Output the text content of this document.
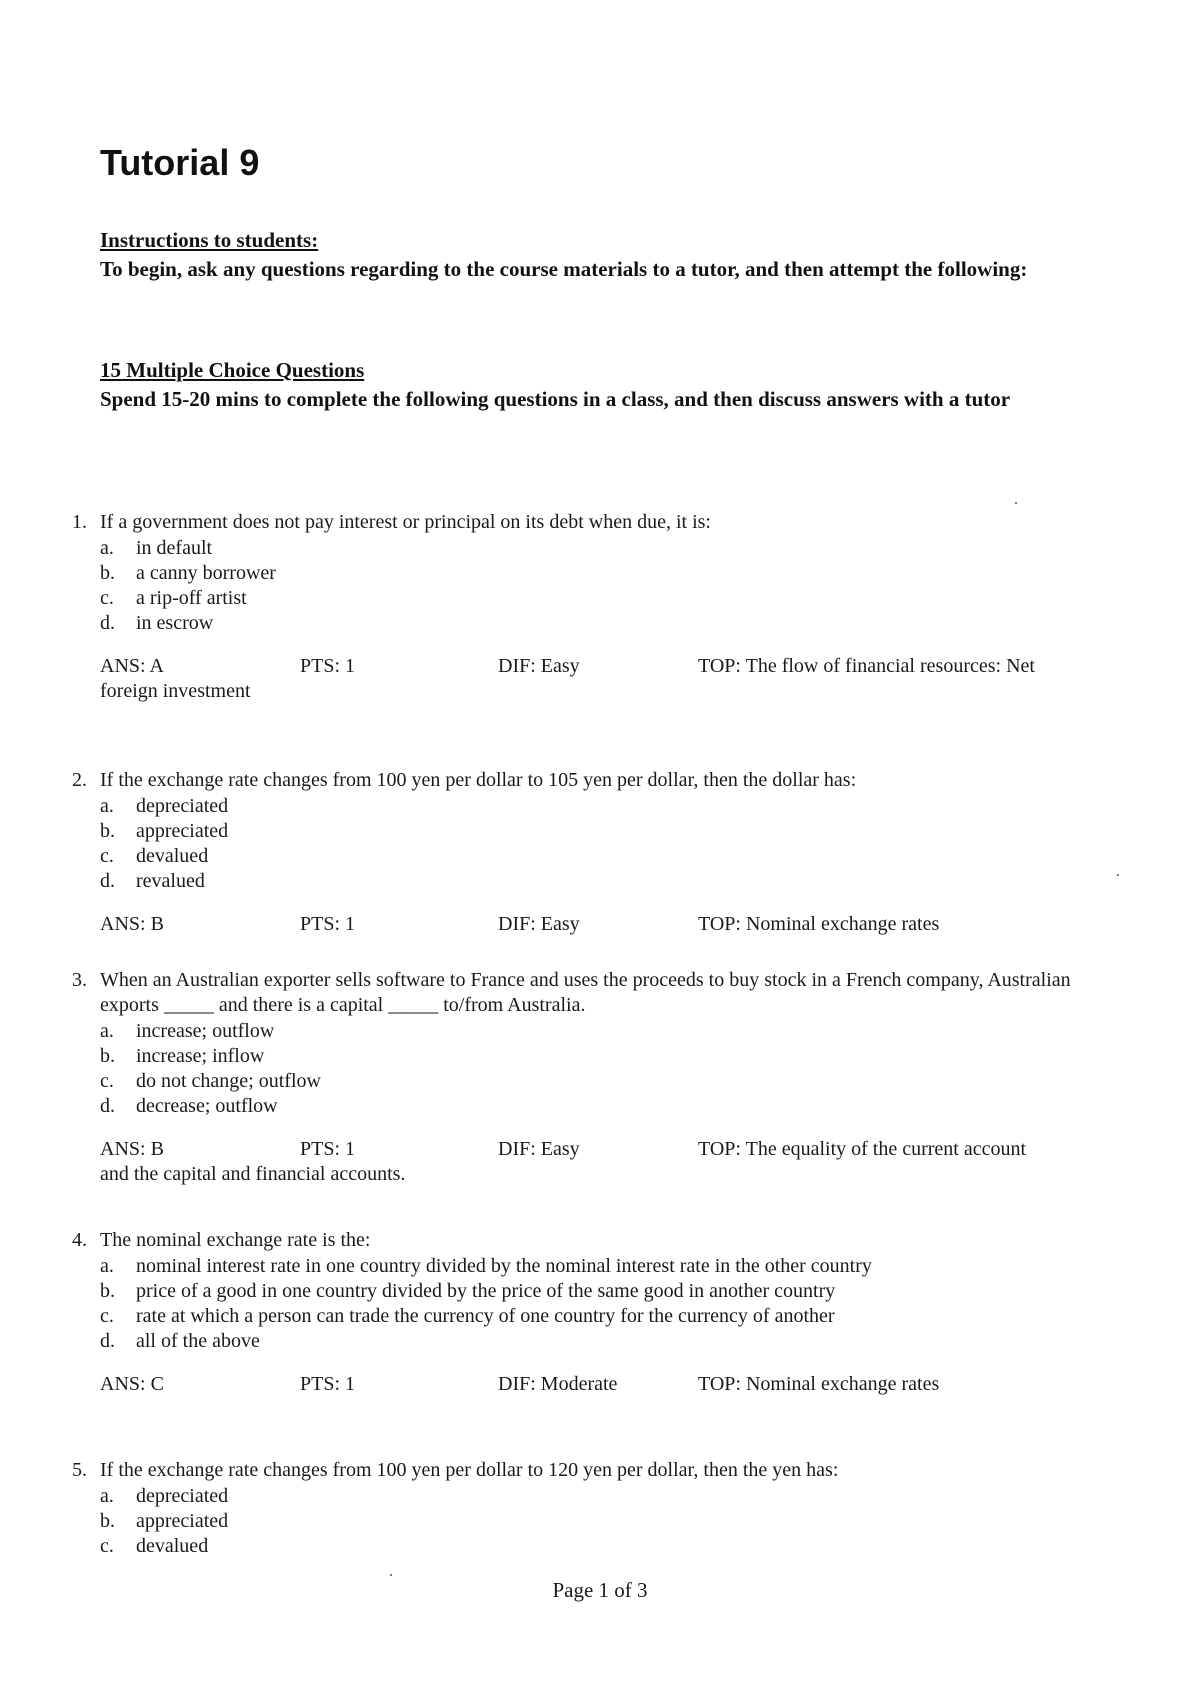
Tutorial 9
Instructions to students:
To begin, ask any questions regarding to the course materials to a tutor, and then attempt the following:
15 Multiple Choice Questions
Spend 15-20 mins to complete the following questions in a class, and then discuss answers with a tutor
1. If a government does not pay interest or principal on its debt when due, it is:
a.	in default
b.	a canny borrower
c.	a rip-off artist
d.	in escrow
ANS: A	PTS: 1	DIF: Easy	TOP: The flow of financial resources: Net
foreign investment
2. If the exchange rate changes from 100 yen per dollar to 105 yen per dollar, then the dollar has:
a.	depreciated
b.	appreciated
c.	devalued
d.	revalued
ANS: B	PTS: 1	DIF: Easy	TOP: Nominal exchange rates
3. When an Australian exporter sells software to France and uses the proceeds to buy stock in a French company, Australian exports _____ and there is a capital _____ to/from Australia.
a.	increase; outflow
b.	increase; inflow
c.	do not change; outflow
d.	decrease; outflow
ANS: B	PTS: 1	DIF: Easy	TOP: The equality of the current account
and the capital and financial accounts.
4. The nominal exchange rate is the:
a.	nominal interest rate in one country divided by the nominal interest rate in the other country
b.	price of a good in one country divided by the price of the same good in another country
c.	rate at which a person can trade the currency of one country for the currency of another
d.	all of the above
ANS: C	PTS: 1	DIF: Moderate	TOP: Nominal exchange rates
5. If the exchange rate changes from 100 yen per dollar to 120 yen per dollar, then the yen has:
a.	depreciated
b.	appreciated
c.	devalued
Page 1 of 3
